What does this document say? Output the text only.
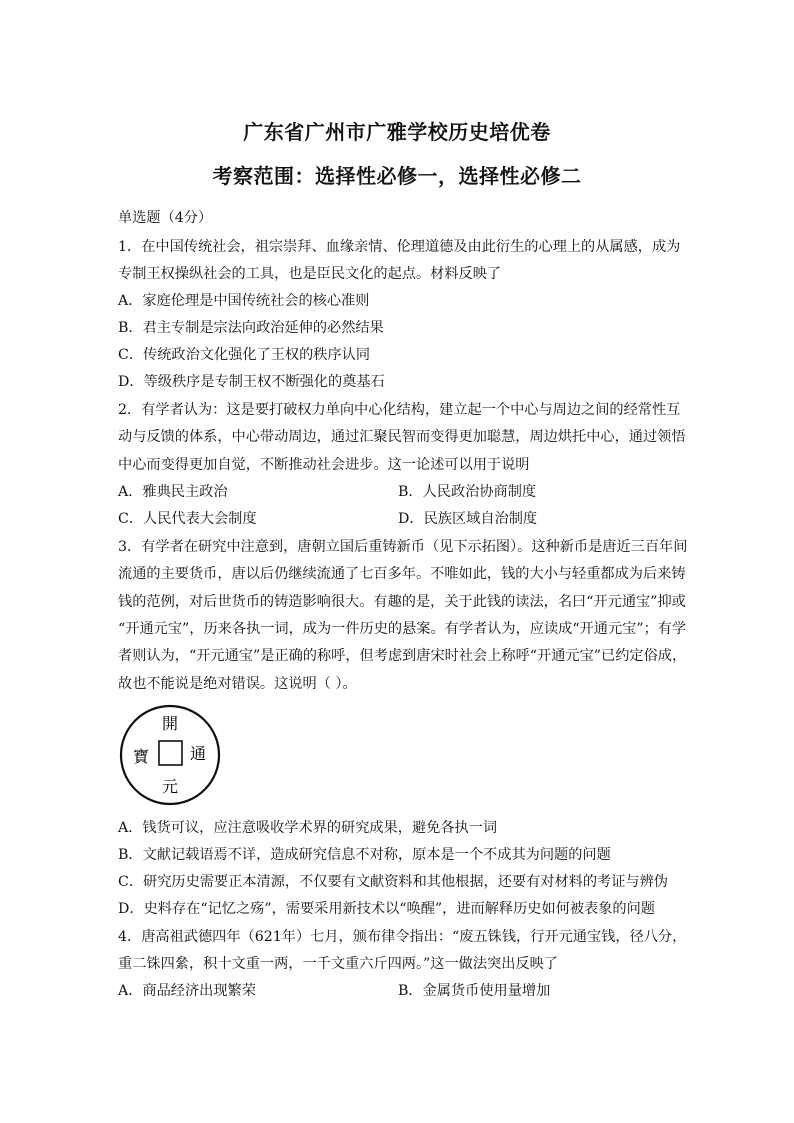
广东省广州市广雅学校历史培优卷
考察范围：选择性必修一，选择性必修二
单选题（4分）
1．在中国传统社会，祖宗崇拜、血缘亲情、伦理道德及由此衍生的心理上的从属感，成为
专制王权操纵社会的工具，也是臣民文化的起点。材料反映了
A．家庭伦理是中国传统社会的核心准则
B．君主专制是宗法向政治延伸的必然结果
C．传统政治文化强化了王权的秩序认同
D．等级秩序是专制王权不断强化的奠基石
2．有学者认为：这是要打破权力单向中心化结构，建立起一个中心与周边之间的经常性互
动与反馈的体系，中心带动周边，通过汇聚民智而变得更加聪慧，周边烘托中心，通过领悟
中心而变得更加自觉，不断推动社会进步。这一论述可以用于说明
A．雅典民主政治	B．人民政治协商制度
C．人民代表大会制度	D．民族区域自治制度
3．有学者在研究中注意到，唐朝立国后重铸新币（见下示拓图）。这种新币是唐近三百年间
流通的主要货币，唐以后仍继续流通了七百多年。不唯如此，钱的大小与轻重都成为后来铸
钱的范例，对后世货币的铸造影响很大。有趣的是，关于此钱的读法，名曰“开元通宝”抑或
“开通元宝”，历来各执一词，成为一件历史的悬案。有学者认为，应读成“开通元宝”；有学
者则认为，“开元通宝”是正确的称呼，但考虑到唐宋时社会上称呼“开通元宝”已约定俗成，
故也不能说是绝对错误。这说明（ ）。
開
通
元
寶
A．钱货可议，应注意吸收学术界的研究成果，避免各执一词
B．文献记载语焉不详，造成研究信息不对称，原本是一个不成其为问题的问题
C．研究历史需要正本清源，不仅要有文献资料和其他根据，还要有对材料的考证与辨伪
D．史料存在“记忆之殇”，需要采用新技术以“唤醒”，进而解释历史如何被表象的问题
4．唐高祖武德四年（621年）七月，颁布律令指出：“废五铢钱，行开元通宝钱，径八分，
重二铢四絫，积十文重一两，一千文重六斤四两。”这一做法突出反映了
A．商品经济出现繁荣	B．金属货币使用量增加
